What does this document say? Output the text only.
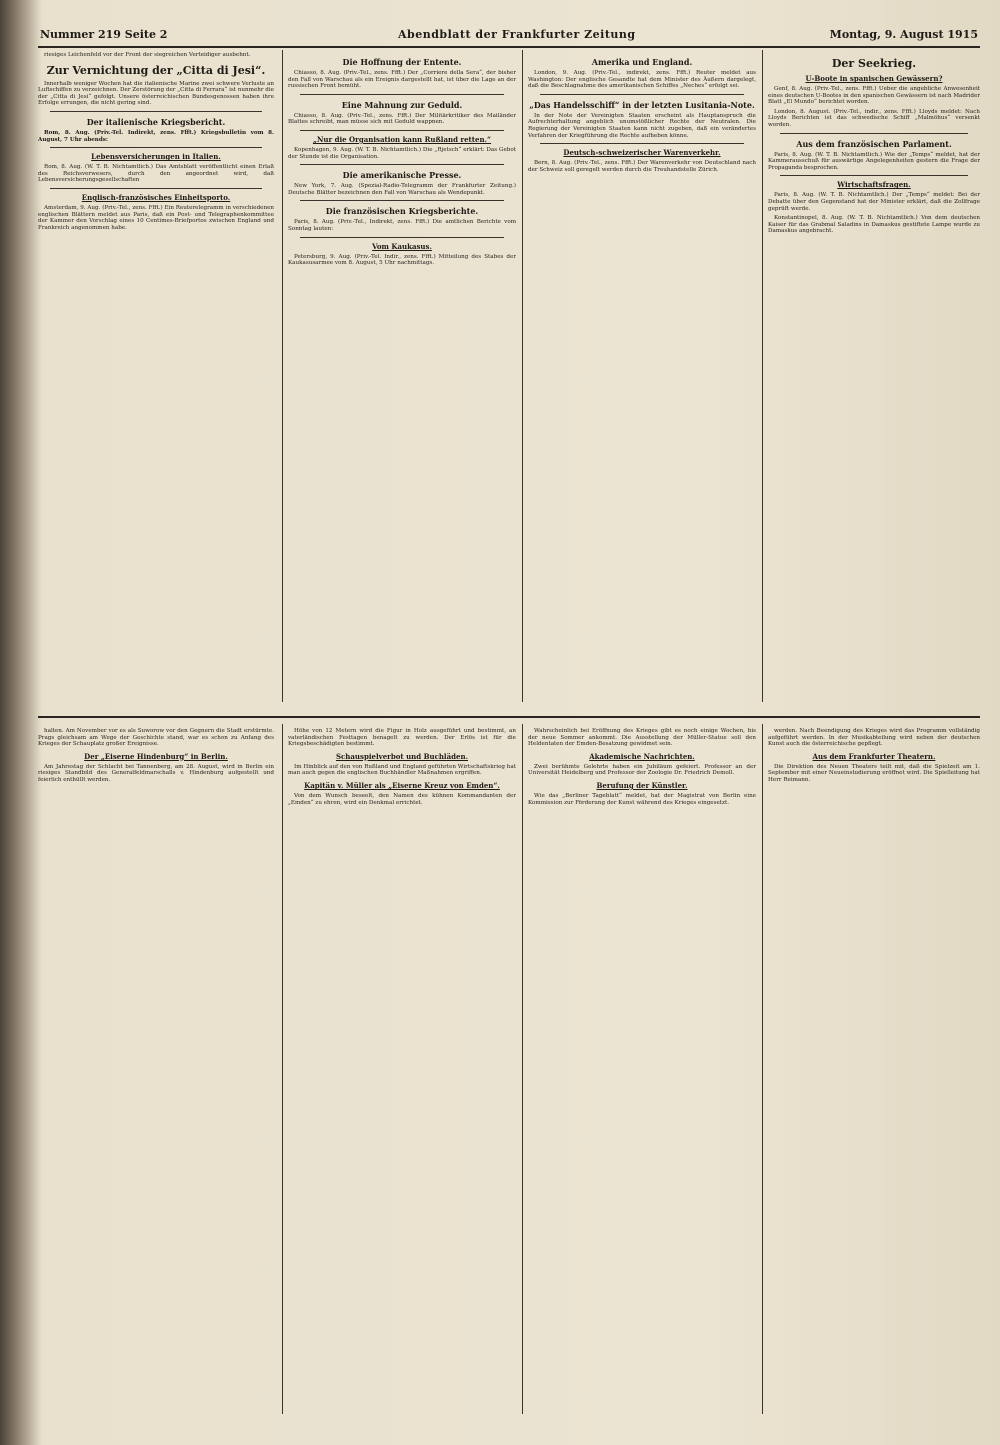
Nummer 219 Seite 2	Abendblatt der Frankfurter Zeitung	Montag, 9. August 1915

riesiges Leichenfeld vor der Front der siegreichen Verteidiger ausbehnt.

Zur Vernichtung der „Citta di Jesi“.

Innerhalb weniger Wochen hat die italienische Marine zwei schwere Verluste an Luftschiffen zu verzeichnen. Der Zerstörung der „Citta di Ferrara“ ist nunmehr die der „Citta di Jesi“ gefolgt. Unsere österreichischen Bundesgenossen haben ihre Erfolge errungen, die nicht gering sind.

Der italienische Kriegsbericht.

Rom, 8. Aug. (Priv.-Tel. Indirekt, zens. Ffft.) Kriegsbulletin vom 8. August, 7 Uhr abends:

Lebensversicherungen in Italien.

Rom, 8. Aug. (W. T. B. Nichtamtlich.) Das Amtsblatt veröffentlicht einen Erlaß des Reichsverwesers, durch den angeordnet wird, daß Lebensversicherungsgesellschaften

Englisch-französisches Einheitsporto.

Amsterdam, 9. Aug. (Priv.-Tel., zens. Ffft.) Ein Reuterelegramm in verschiedenen englischen Blättern meldet aus Paris, daß ein Post- und Telegraphenkommittee der Kammer den Vorschlag eines 10 Centimes-Briefportos zwischen England und Frankreich angenommen habe.

Die Hoffnung der Entente.

Chiasso, 8. Aug. (Priv.-Tel., zens. Ffft.) Der „Corriere della Sera“, der bisher den Fall von Warschau als ein Ereignis dargestellt hat, ist über die Lage an der russischen Front bemüht.

Eine Mahnung zur Geduld.

Chiasso, 8. Aug. (Priv.-Tel., zens. Ffft.) Der Militärkritiker des Mailänder Blattes schreibt, man müsse sich mit Geduld wappnen.

„Nur die Organisation kann Rußland retten.“

Kopenhagen, 9. Aug. (W. T. B. Nichtamtlich.) Die „Rjetsch“ erklärt: Das Gebot der Stunde ist die Organisation.

Die amerikanische Presse.

New York, 7. Aug. (Spezial-Radio-Telegramm der Frankfurter Zeitung.) Deutsche Blätter bezeichnen den Fall von Warschau als Wendepunkt.

Die französischen Kriegsberichte.

Paris, 8. Aug. (Priv.-Tel., Indirekt, zens. Ffft.) Die amtlichen Berichte vom Sonntag lauten:

Vom Kaukasus.

Petersburg, 9. Aug. (Priv.-Tel. Indir., zens. Ffft.) Mitteilung des Stabes der Kaukasusarmee vom 8. August, 5 Uhr nachmittags.

Amerika und England.

London, 9. Aug. (Priv.-Tel., indirekt, zens. Ffft.) Reuter meldet aus Washington: Der englische Gesandte hat dem Minister des Äußern dargelegt, daß die Beschlagnahme des amerikanischen Schiffes „Neches“ erfolgt sei.

„Das Handelsschiff“ in der letzten Lusitania-Note.

In der Note der Vereinigten Staaten erscheint als Hauptanspruch die Aufrechterhaltung angeblich unumstößlicher Rechte der Neutralen. Die Regierung der Vereinigten Staaten kann nicht zugeben, daß ein verändertes Verfahren der Kriegführung die Rechte aufheben könne.

Deutsch-schweizerischer Warenverkehr.

Bern, 8. Aug. (Priv.-Tel., zens. Ffft.) Der Warenverkehr von Deutschland nach der Schweiz soll geregelt werden durch die Treuhandstelle Zürich.

Der Seekrieg.
U-Boote in spanischen Gewässern?

Genf, 8. Aug. (Priv.-Tel., zens. Ffft.) Ueber die angebliche Anwesenheit eines deutschen U-Bootes in den spanischen Gewässern ist nach Madrider Blatt „El Mundo“ berichtet worden.

London, 8. August. (Priv.-Tel., indir., zens. Ffft.) Lloyds meldet: Nach Lloyds Berichten ist das schwedische Schiff „Malmöhus“ versenkt worden.

Aus dem französischen Parlament.

Paris, 8. Aug. (W. T. B. Nichtamtlich.) Wie der „Temps“ meldet, hat der Kammerausschuß für auswärtige Angelegenheiten gestern die Frage der Propaganda besprochen.

Wirtschaftsfragen.

Paris, 8. Aug. (W. T. B. Nichtamtlich.) Der „Temps“ meldet: Bei der Debatte über den Gegenstand hat der Minister erklärt, daß die Zollfrage geprüft werde.

Konstantinopel, 8. Aug. (W. T. B. Nichtamtlich.) Von dem deutschen Kaiser für das Grabmal Saladins in Damaskus gestiftete Lampe wurde zu Damaskus angebracht.

halten. Am November vor es als Suworow vor den Gegnern die Stadt erstürmte. Prags gleichsam am Wege der Geschichte stand, war es schon zu Anfang des Krieges der Schauplatz großer Ereignisse.

Der „Eiserne Hindenburg“ in Berlin.

Am Jahrestag der Schlacht bei Tannenberg, am 28. August, wird in Berlin ein riesiges Standbild des Generalfeldmarschalls v. Hindenburg aufgestellt und feierlich enthüllt werden.

Höhe von 12 Metern wird die Figur in Holz ausgeführt und bestimmt, an vaterländischen Festtagen benagelt zu werden. Der Erlös ist für die Kriegsbeschädigten bestimmt.

Schauspielverbot und Buchläden.

Im Hinblick auf den von Rußland und England geführten Wirtschaftskrieg hat man auch gegen die englischen Buchhändler Maßnahmen ergriffen.

Kapitän v. Müller als „Eiserne Kreuz von Emden“.

Von dem Wunsch beseelt, den Namen des kühnen Kommandanten der „Emden“ zu ehren, wird ein Denkmal errichtet.

Wahrscheinlich bei Eröffnung des Krieges gibt es noch einige Wochen, bis der neue Sommer ankommt. Die Ausstellung der Müller-Statue soll den Heldentaten der Emden-Besatzung gewidmet sein.

Akademische Nachrichten.

Zwei berühmte Gelehrte haben ein Jubiläum gefeiert. Professor an der Universität Heidelberg und Professor der Zoologie Dr. Friedrich Demoll.

Berufung der Künstler.

Wie das „Berliner Tageblatt“ meldet, hat der Magistrat von Berlin eine Kommission zur Förderung der Kunst während des Krieges eingesetzt.

werden. Nach Beendigung des Krieges wird das Programm vollständig aufgeführt werden. In der Musikabteilung wird neben der deutschen Kunst auch die österreichische gepflegt.

Aus dem Frankfurter Theatern.

Die Direktion des Neuen Theaters teilt mit, daß die Spielzeit am 1. September mit einer Neueinstudierung eröffnet wird. Die Spielleitung hat Herr Reimann.
